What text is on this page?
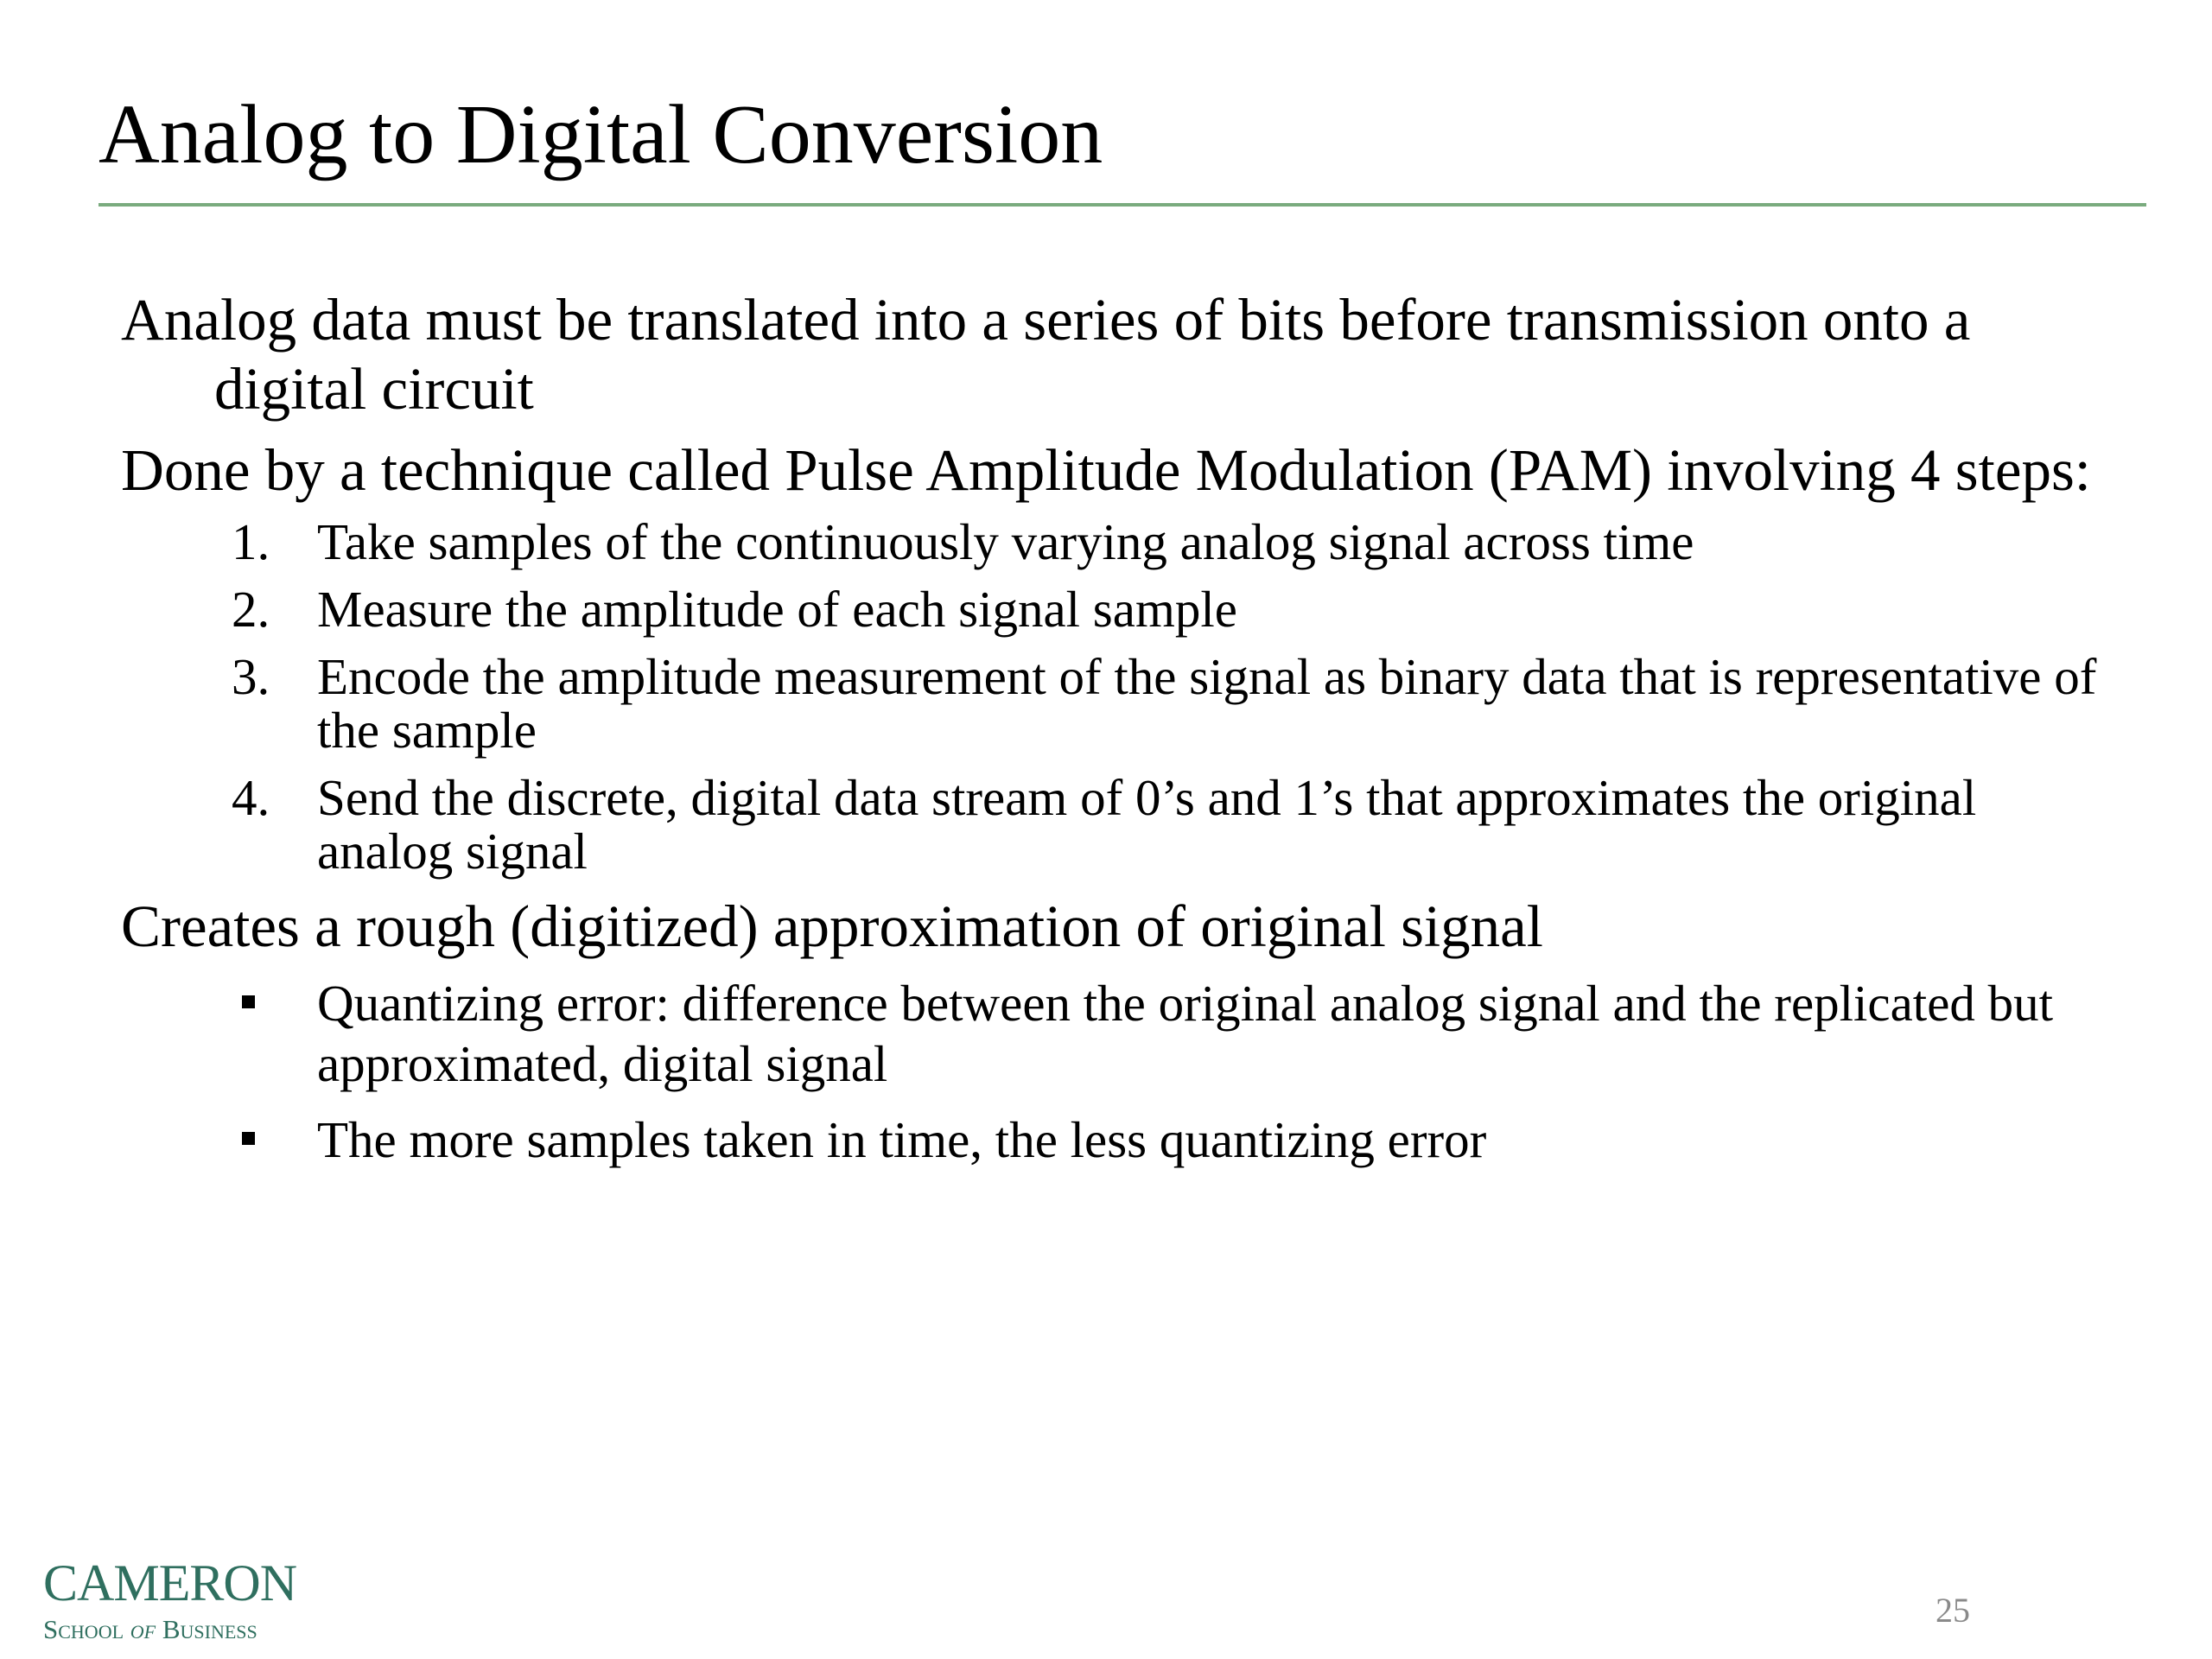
Analog to Digital Conversion

Analog data must be translated into a series of bits before transmission onto a digital circuit

Done by a technique called Pulse Amplitude Modulation (PAM) involving 4 steps:

1. Take samples of the continuously varying analog signal across time
2. Measure the amplitude of each signal sample
3. Encode the amplitude measurement of the signal as binary data that is representative of the sample
4. Send the discrete, digital data stream of 0’s and 1’s that approximates the original analog signal

Creates a rough (digitized) approximation of original signal

Quantizing error: difference between the original analog signal and the replicated but approximated, digital signal
The more samples taken in time, the less quantizing error
CAMERON
School of Business	25
